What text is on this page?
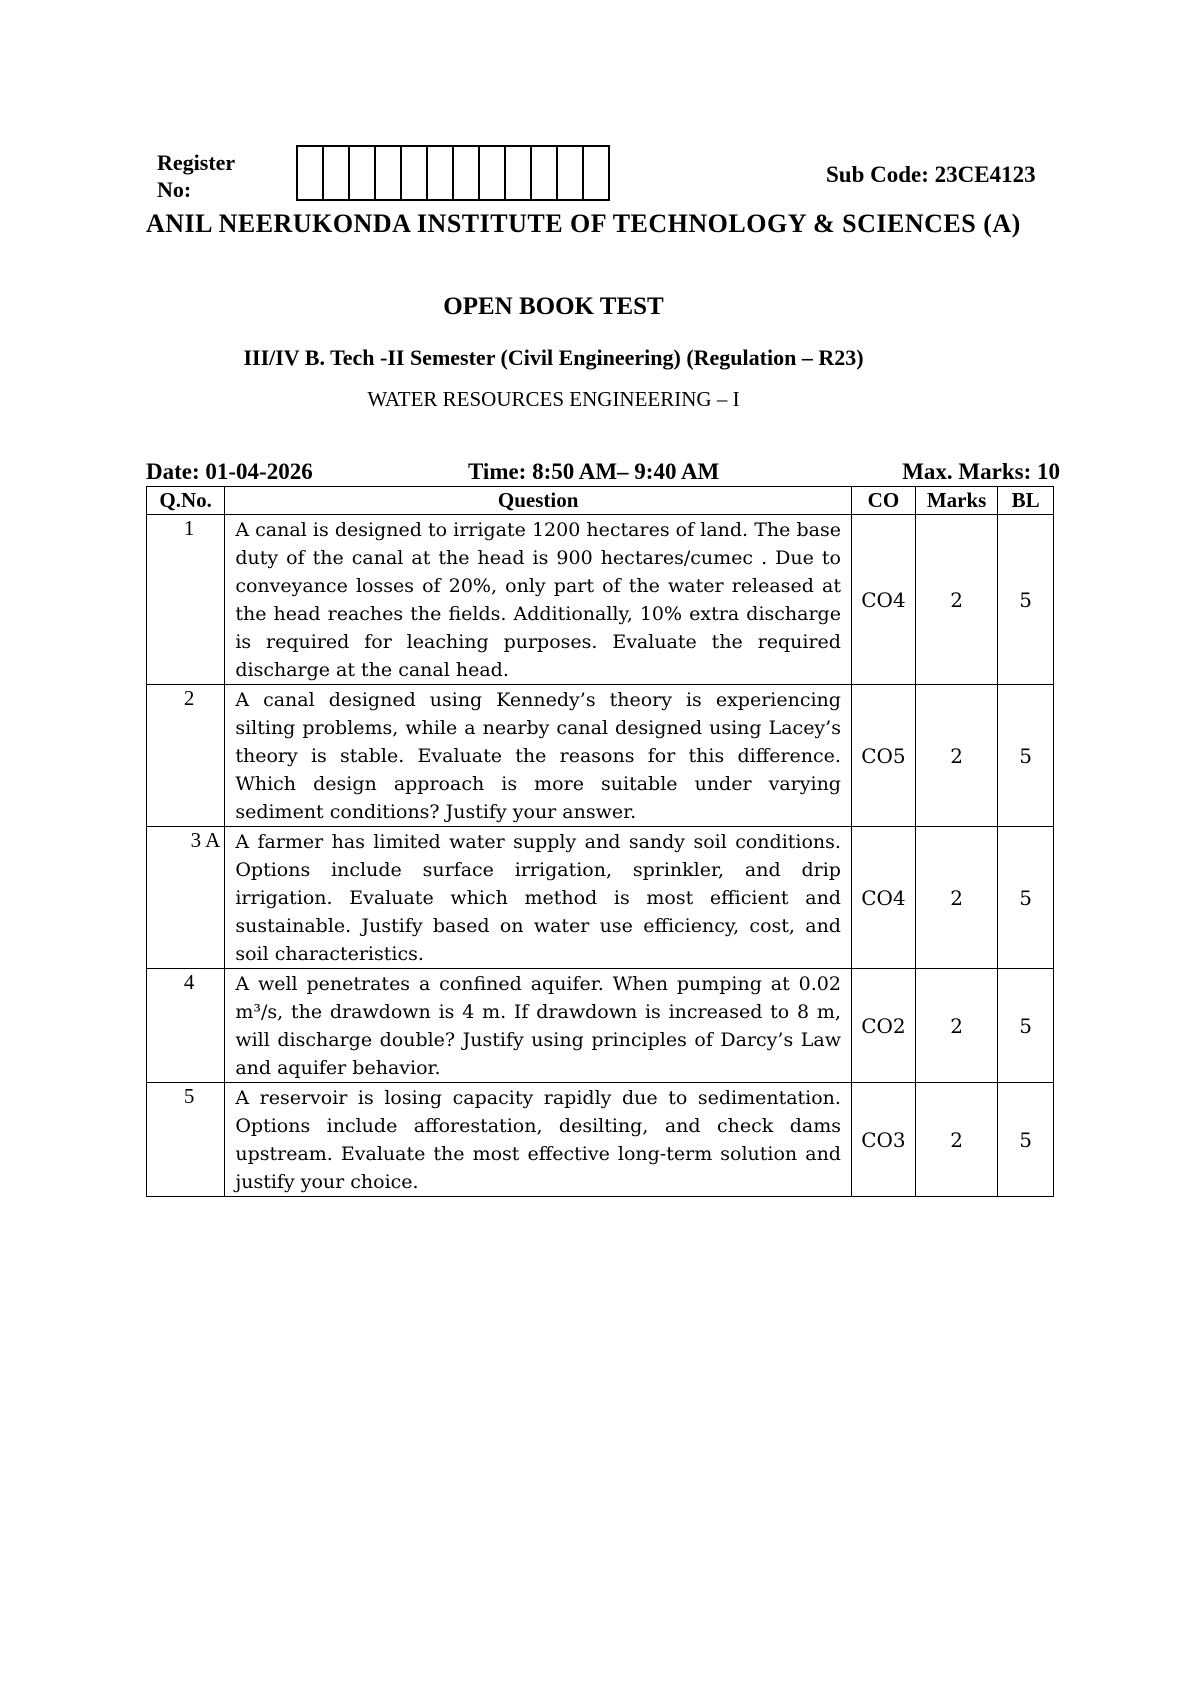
Register No:
Sub Code: 23CE4123
ANIL NEERUKONDA INSTITUTE OF TECHNOLOGY & SCIENCES (A)
OPEN BOOK TEST
III/IV B. Tech -II Semester (Civil Engineering) (Regulation – R23)
WATER RESOURCES ENGINEERING – I
Date: 01-04-2026	Time: 8:50 AM– 9:40 AM	Max. Marks: 10
Q.No.	Question	CO	Marks	BL
1	A canal is designed to irrigate 1200 hectares of land. The base duty of the canal at the head is 900 hectares/cumec . Due to conveyance losses of 20%, only part of the water released at the head reaches the fields. Additionally, 10% extra discharge is required for leaching purposes. Evaluate the required discharge at the canal head.	CO4	2	5
2	A canal designed using Kennedy’s theory is experiencing silting problems, while a nearby canal designed using Lacey’s theory is stable. Evaluate the reasons for this difference. Which design approach is more suitable under varying sediment conditions? Justify your answer.	CO5	2	5
3 A	A farmer has limited water supply and sandy soil conditions. Options include surface irrigation, sprinkler, and drip irrigation. Evaluate which method is most efficient and sustainable. Justify based on water use efficiency, cost, and soil characteristics.	CO4	2	5
4	A well penetrates a confined aquifer. When pumping at 0.02 m³/s, the drawdown is 4 m. If drawdown is increased to 8 m, will discharge double? Justify using principles of Darcy’s Law and aquifer behavior.	CO2	2	5
5	A reservoir is losing capacity rapidly due to sedimentation. Options include afforestation, desilting, and check dams upstream. Evaluate the most effective long-term solution and justify your choice.	CO3	2	5
